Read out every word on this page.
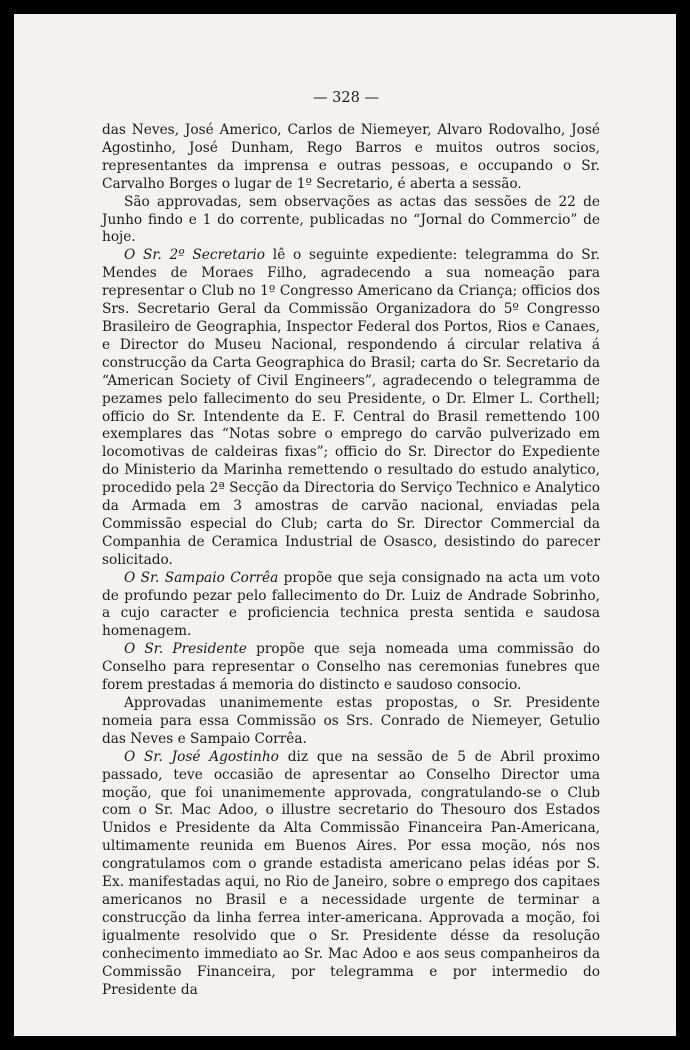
— 328 —

das Neves, José Americo, Carlos de Niemeyer, Alvaro Rodovalho, José Agostinho, José Dunham, Rego Barros e muitos outros socios, representantes da imprensa e outras pessoas, e occupando o Sr. Carvalho Borges o lugar de 1º Secretario, é aberta a sessão.

São approvadas, sem observações as actas das sessões de 22 de Junho findo e 1 do corrente, publicadas no “Jornal do Commercio” de hoje.

O Sr. 2º Secretario lê o seguinte expediente: telegramma do Sr. Mendes de Moraes Filho, agradecendo a sua nomeação para representar o Club no 1º Congresso Americano da Criança; officios dos Srs. Secretario Geral da Commissão Organizadora do 5º Congresso Brasileiro de Geographia, Inspector Federal dos Portos, Rios e Canaes, e Director do Museu Nacional, respondendo á circular relativa á construcção da Carta Geographica do Brasil; carta do Sr. Secretario da “American Society of Civil Engineers”, agradecendo o telegramma de pezames pelo fallecimento do seu Presidente, o Dr. Elmer L. Corthell; officio do Sr. Intendente da E. F. Central do Brasil remettendo 100 exemplares das “Notas sobre o emprego do carvão pulverizado em locomotivas de caldeiras fixas”; officio do Sr. Director do Expediente do Ministerio da Marinha remettendo o resultado do estudo analytico, procedido pela 2ª Secção da Directoria do Serviço Technico e Analytico da Armada em 3 amostras de carvão nacional, enviadas pela Commissão especial do Club; carta do Sr. Director Commercial da Companhia de Ceramica Industrial de Osasco, desistindo do parecer solicitado.

O Sr. Sampaio Corrêa propõe que seja consignado na acta um voto de profundo pezar pelo fallecimento do Dr. Luiz de Andrade Sobrinho, a cujo caracter e proficiencia technica presta sentida e saudosa homenagem.

O Sr. Presidente propõe que seja nomeada uma commissão do Conselho para representar o Conselho nas ceremonias funebres que forem prestadas á memoria do distincto e saudoso consocio.

Approvadas unanimemente estas propostas, o Sr. Presidente nomeia para essa Commissão os Srs. Conrado de Niemeyer, Getulio das Neves e Sampaio Corrêa.

O Sr. José Agostinho diz que na sessão de 5 de Abril proximo passado, teve occasião de apresentar ao Conselho Director uma moção, que foi unanimemente approvada, congratulando-se o Club com o Sr. Mac Adoo, o illustre secretario do Thesouro dos Estados Unidos e Presidente da Alta Commissão Financeira Pan-Americana, ultimamente reunida em Buenos Aires. Por essa moção, nós nos congratulamos com o grande estadista americano pelas idéas por S. Ex. manifestadas aqui, no Rio de Janeiro, sobre o emprego dos capitaes americanos no Brasil e a necessidade urgente de terminar a construcção da linha ferrea inter-americana. Approvada a moção, foi igualmente resolvido que o Sr. Presidente désse da resolução conhecimento immediato ao Sr. Mac Adoo e aos seus companheiros da Commissão Financeira, por telegramma e por intermedio do Presidente da
